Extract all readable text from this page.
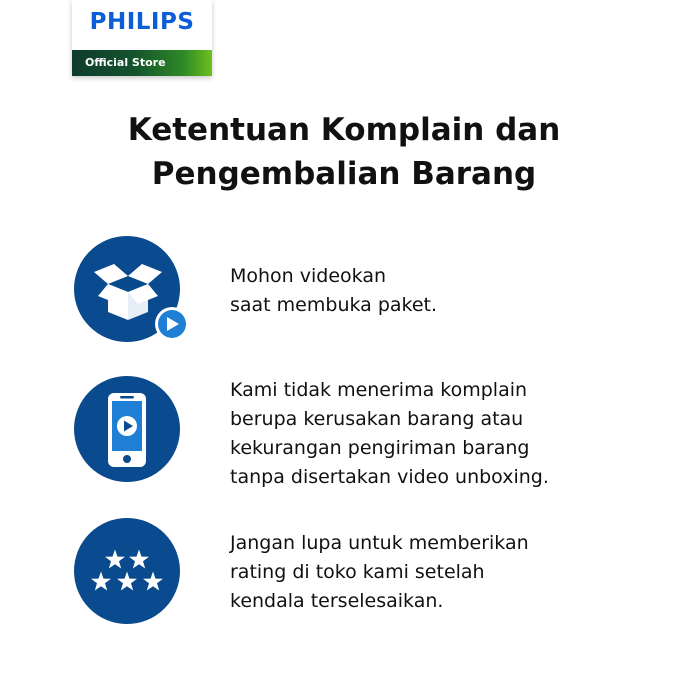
PHILIPS
Official Store
Ketentuan Komplain dan
Pengembalian Barang

Mohon videokan
saat membuka paket.

Kami tidak menerima komplain
berupa kerusakan barang atau
kekurangan pengiriman barang
tanpa disertakan video unboxing.

Jangan lupa untuk memberikan
rating di toko kami setelah
kendala terselesaikan.
